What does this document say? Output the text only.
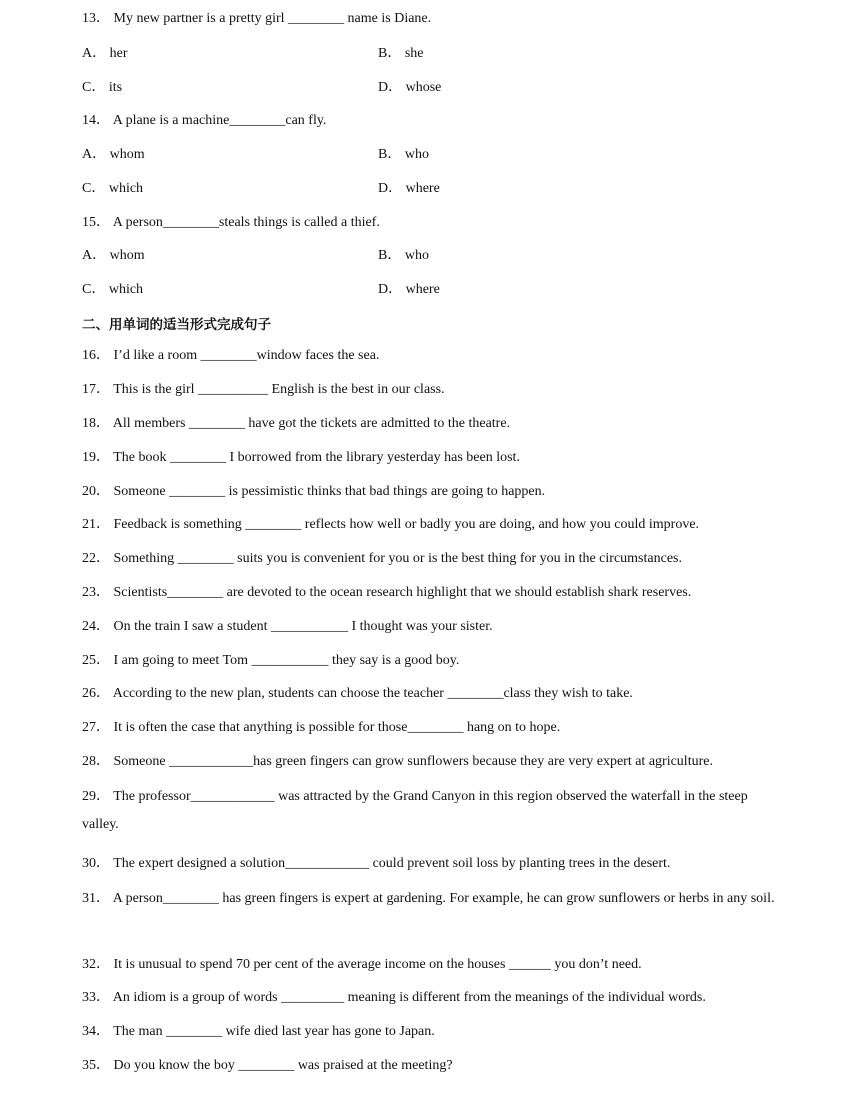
13． My new partner is a pretty girl ________ name is Diane.
A． her	B． she
C． its	D． whose
14． A plane is a machine________can fly.
A． whom	B． who
C． which	D． where
15． A person________steals things is called a thief.
A． whom	B． who
C． which	D． where
二、用单词的适当形式完成句子
16． I’d like a room ________window faces the sea.
17． This is the girl __________ English is the best in our class.
18． All members ________ have got the tickets are admitted to the theatre.
19． The book ________ I borrowed from the library yesterday has been lost.
20． Someone ________ is pessimistic thinks that bad things are going to happen.
21． Feedback is something ________ reflects how well or badly you are doing, and how you could improve.
22． Something ________ suits you is convenient for you or is the best thing for you in the circumstances.
23． Scientists________ are devoted to the ocean research highlight that we should establish shark reserves.
24． On the train I saw a student ___________ I thought was your sister.
25． I am going to meet Tom ___________ they say is a good boy.
26． According to the new plan, students can choose the teacher ________class they wish to take.
27． It is often the case that anything is possible for those________ hang on to hope.
28． Someone ____________has green fingers can grow sunflowers because they are very expert at agriculture.
29． The professor____________ was attracted by the Grand Canyon in this region observed the waterfall in the steep valley.
30． The expert designed a solution____________ could prevent soil loss by planting trees in the desert.
31． A person________ has green fingers is expert at gardening. For example, he can grow sunflowers or herbs in any soil.
32． It is unusual to spend 70 per cent of the average income on the houses ______ you don’t need.
33． An idiom is a group of words _________ meaning is different from the meanings of the individual words.
34． The man ________ wife died last year has gone to Japan.
35． Do you know the boy ________ was praised at the meeting?
